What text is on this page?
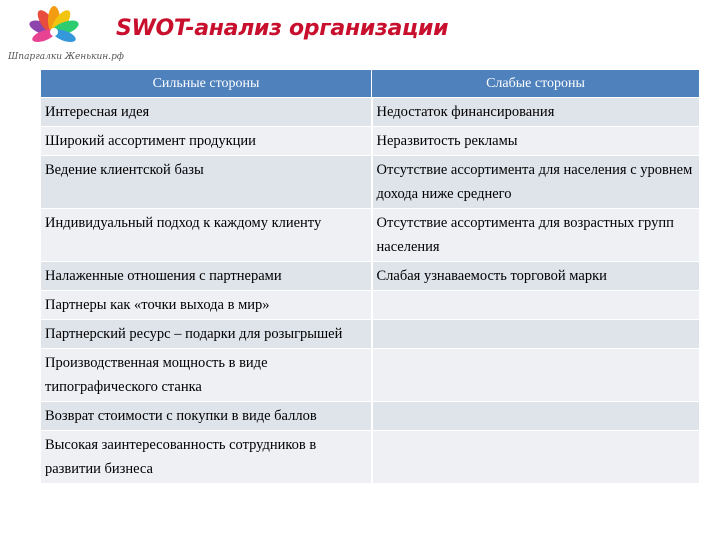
Шпаргалки Женькин.рф
SWOT-анализ организации
Сильные стороны	Слабые стороны
Интересная идея	Недостаток финансирования
Широкий ассортимент продукции	Неразвитость рекламы
Ведение клиентской базы	Отсутствие ассортимента для населения с уровнем дохода ниже среднего
Индивидуальный подход к каждому клиенту	Отсутствие ассортимента для возрастных групп населения
Налаженные отношения с партнерами	Слабая узнаваемость торговой марки
Партнеры как «точки выхода в мир»	
Партнерский ресурс – подарки для розыгрышей	
Производственная мощность в виде типографического станка	
Возврат стоимости с покупки в виде баллов	
Высокая заинтересованность сотрудников в развитии бизнеса	
